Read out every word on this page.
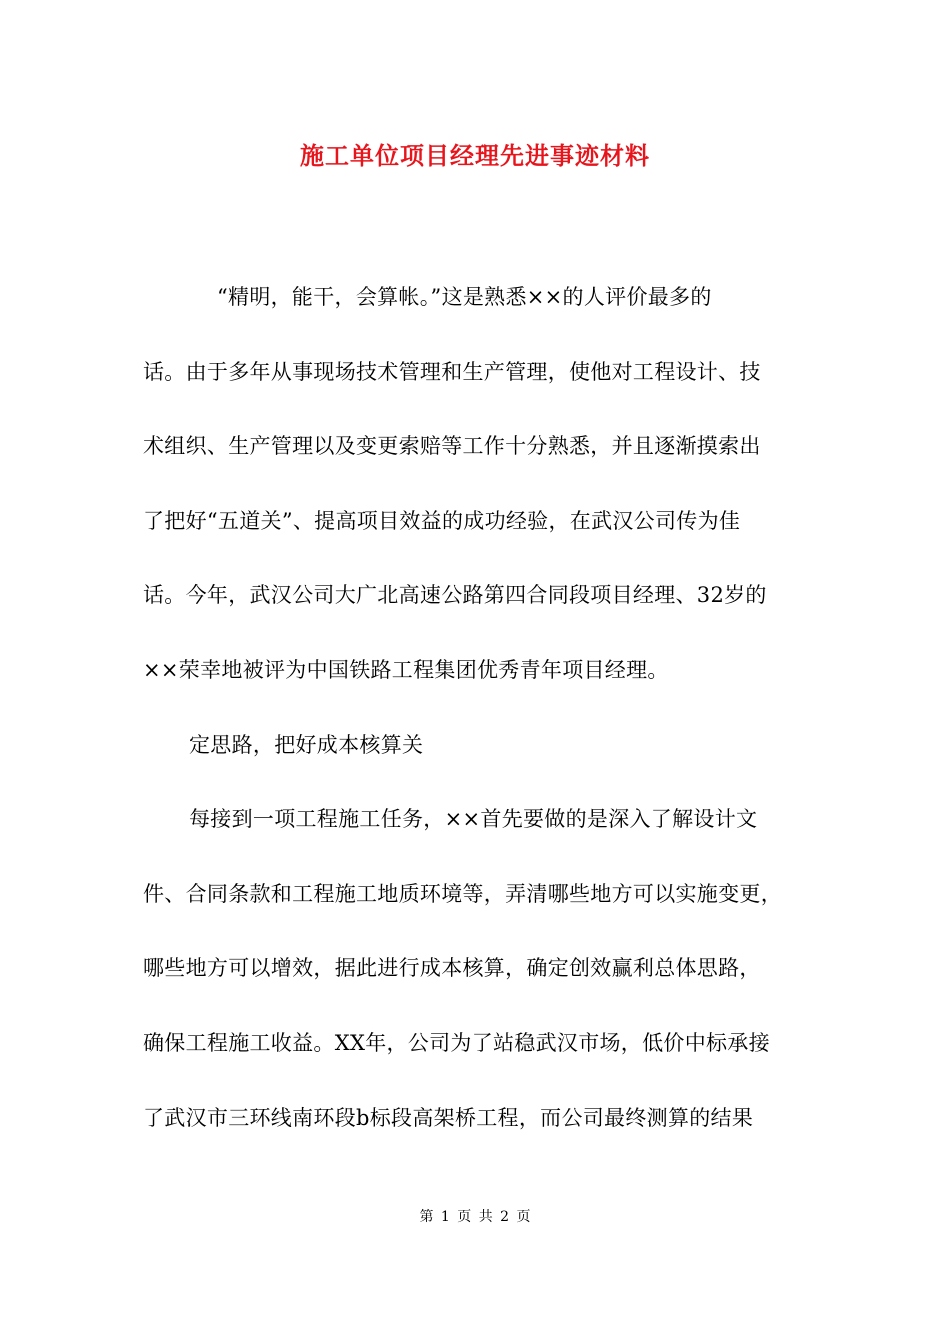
施工单位项目经理先进事迹材料
“精明，能干，会算帐。”这是熟悉××的人评价最多的
话。由于多年从事现场技术管理和生产管理，使他对工程设计、技
术组织、生产管理以及变更索赔等工作十分熟悉，并且逐渐摸索出
了把好“五道关”、提高项目效益的成功经验，在武汉公司传为佳
话。今年，武汉公司大广北高速公路第四合同段项目经理、32岁的
××荣幸地被评为中国铁路工程集团优秀青年项目经理。
定思路，把好成本核算关
每接到一项工程施工任务，××首先要做的是深入了解设计文
件、合同条款和工程施工地质环境等，弄清哪些地方可以实施变更，
哪些地方可以增效，据此进行成本核算，确定创效赢利总体思路，
确保工程施工收益。XX年，公司为了站稳武汉市场，低价中标承接
了武汉市三环线南环段b标段高架桥工程，而公司最终测算的结果
第 1 页 共 2 页
